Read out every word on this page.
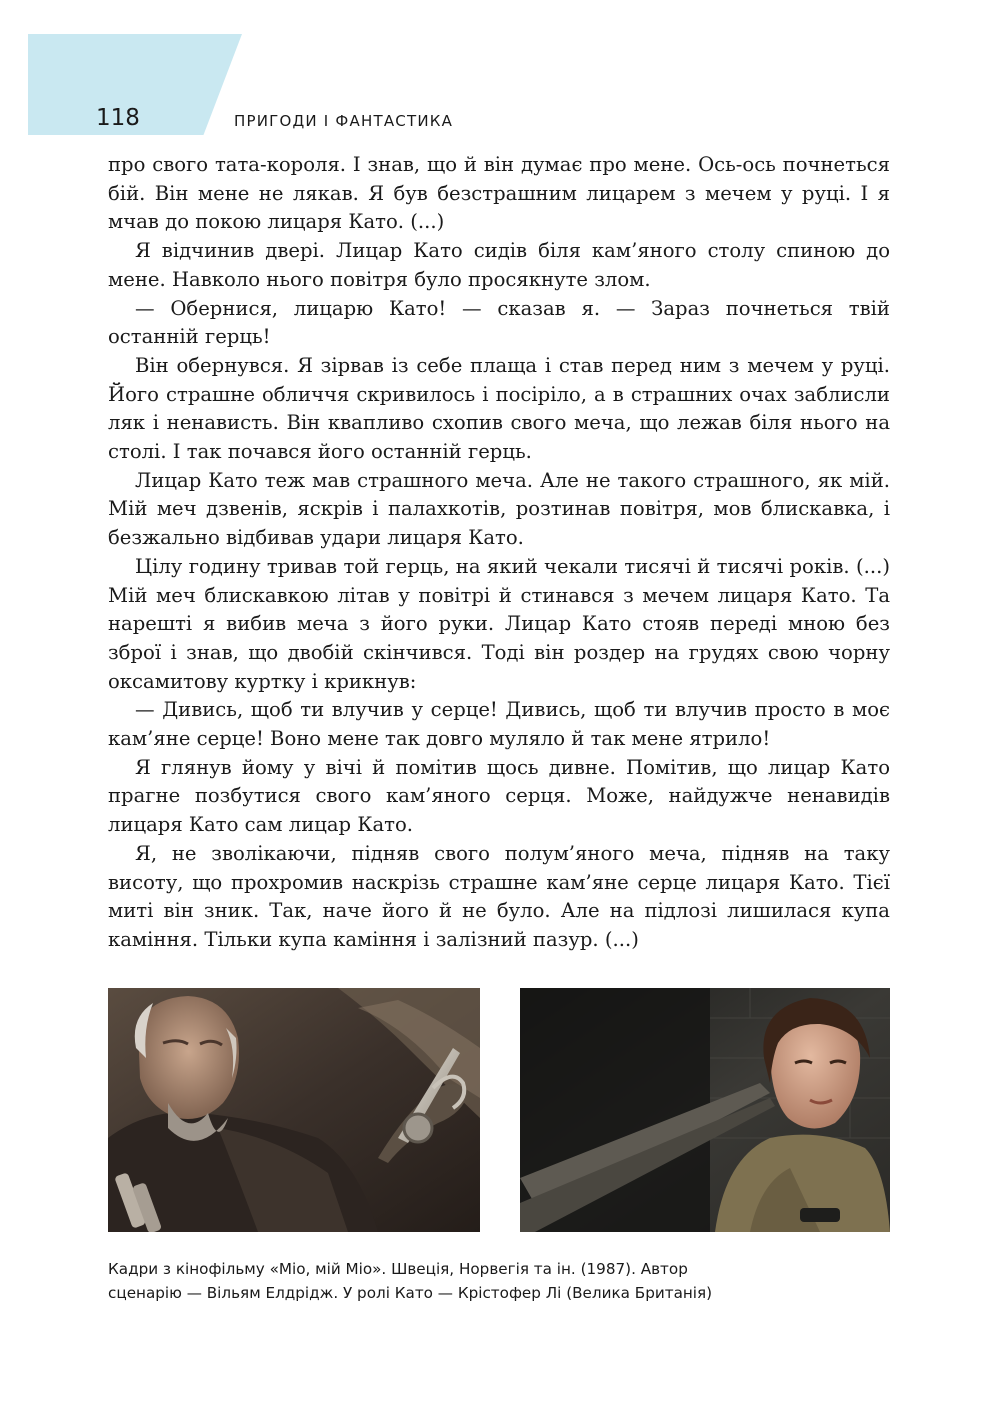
118	ПРИГОДИ І ФАНТАСТИКА

про свого тата-короля. І знав, що й він думає про мене. Ось-ось почнеться бій. Він мене не лякав. Я був безстрашним лицарем з мечем у руці. І я мчав до покою лицаря Като. (...)

Я відчинив двері. Лицар Като сидів біля кам’яного столу спиною до мене. Навколо нього повітря було просякнуте злом.

— Обернися, лицарю Като! — сказав я. — Зараз почнеться твій останній герць!

Він обернувся. Я зірвав із себе плаща і став перед ним з мечем у руці. Його страшне обличчя скривилось і посіріло, а в страшних очах заблисли ляк і ненависть. Він квапливо схопив свого меча, що лежав біля нього на столі. І так почався його останній герць.

Лицар Като теж мав страшного меча. Але не такого страшного, як мій. Мій меч дзвенів, яскрів і палахкотів, розтинав повітря, мов блискавка, і безжально відбивав удари лицаря Като.

Цілу годину тривав той герць, на який чекали тисячі й тисячі років. (...) Мій меч блискавкою літав у повітрі й стинався з мечем лицаря Като. Та нарешті я вибив меча з його руки. Лицар Като стояв переді мною без зброї і знав, що двобій скінчився. Тоді він роздер на грудях свою чорну оксамитову куртку і крикнув:

— Дивись, щоб ти влучив у серце! Дивись, щоб ти влучив просто в моє кам’яне серце! Воно мене так довго муляло й так мене ятрило!

Я глянув йому у вічі й помітив щось дивне. Помітив, що лицар Като прагне позбутися свого кам’яного серця. Може, найдужче ненавидів лицаря Като сам лицар Като.

Я, не зволікаючи, підняв свого полум’яного меча, підняв на таку висоту, що прохромив наскрізь страшне кам’яне серце лицаря Като. Тієї миті він зник. Так, наче його й не було. Але на підлозі лишилася купа каміння. Тільки купа каміння і залізний пазур. (...)

Кадри з кінофільму «Міо, мій Міо». Швеція, Норвегія та ін. (1987). Автор
сценарію — Вільям Елдрiдж. У ролі Като — Крістофер Лі (Велика Британія)
